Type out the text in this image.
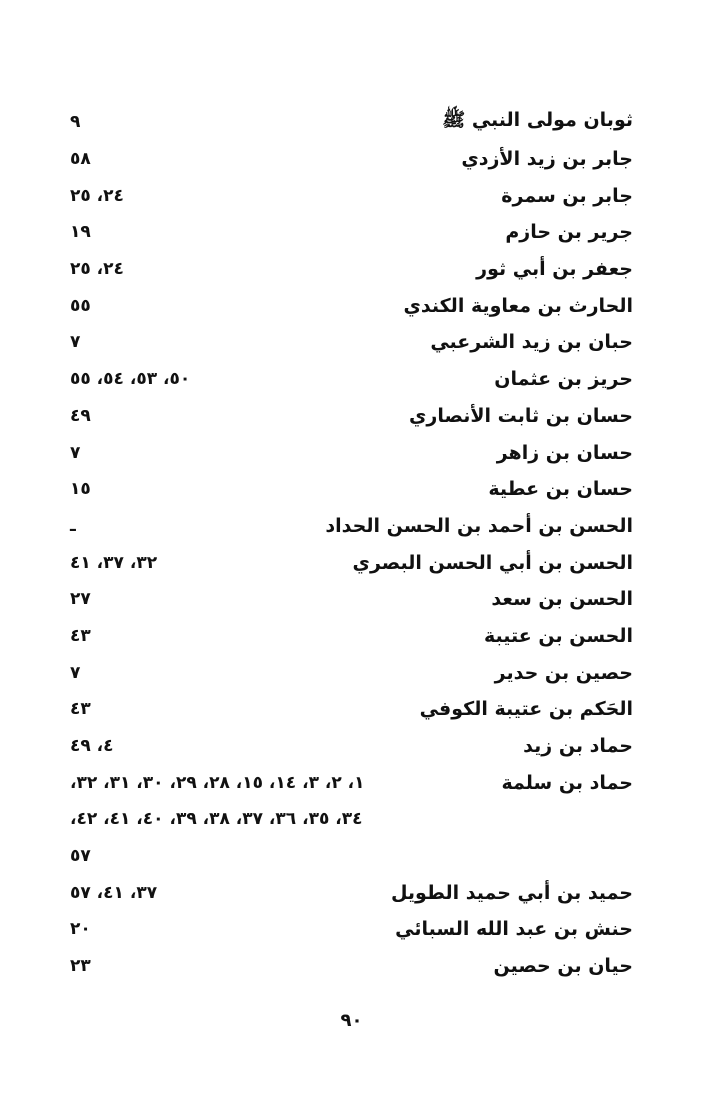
ثوبان مولى النبي ﷺ
٩
جابر بن زيد الأزدي
٥٨
جابر بن سمرة
٢٤، ٢٥
جرير بن حازم
١٩
جعفر بن أبي ثور
٢٤، ٢٥
الحارث بن معاوية الكندي
٥٥
حبان بن زيد الشرعبي
٧
حريز بن عثمان
٥٠، ٥٣، ٥٤، ٥٥
حسان بن ثابت الأنصاري
٤٩
حسان بن زاهر
٧
حسان بن عطية
١٥
الحسن بن أحمد بن الحسن الحداد
ـ
الحسن بن أبي الحسن البصري
٣٢، ٣٧، ٤١
الحسن بن سعد
٢٧
الحسن بن عتيبة
٤٣
حصين بن حدير
٧
الحَكم بن عتيبة الكوفي
٤٣
حماد بن زيد
٤، ٤٩
حماد بن سلمة
١، ٢، ٣، ١٤، ١٥، ٢٨، ٢٩، ٣٠، ٣١، ٣٢،
٣٤، ٣٥، ٣٦، ٣٧، ٣٨، ٣٩، ٤٠، ٤١، ٤٢،
٥٧
حميد بن أبي حميد الطويل
٣٧، ٤١، ٥٧
حنش بن عبد الله السبائي
٢٠
حيان بن حصين
٢٣
٩٠
